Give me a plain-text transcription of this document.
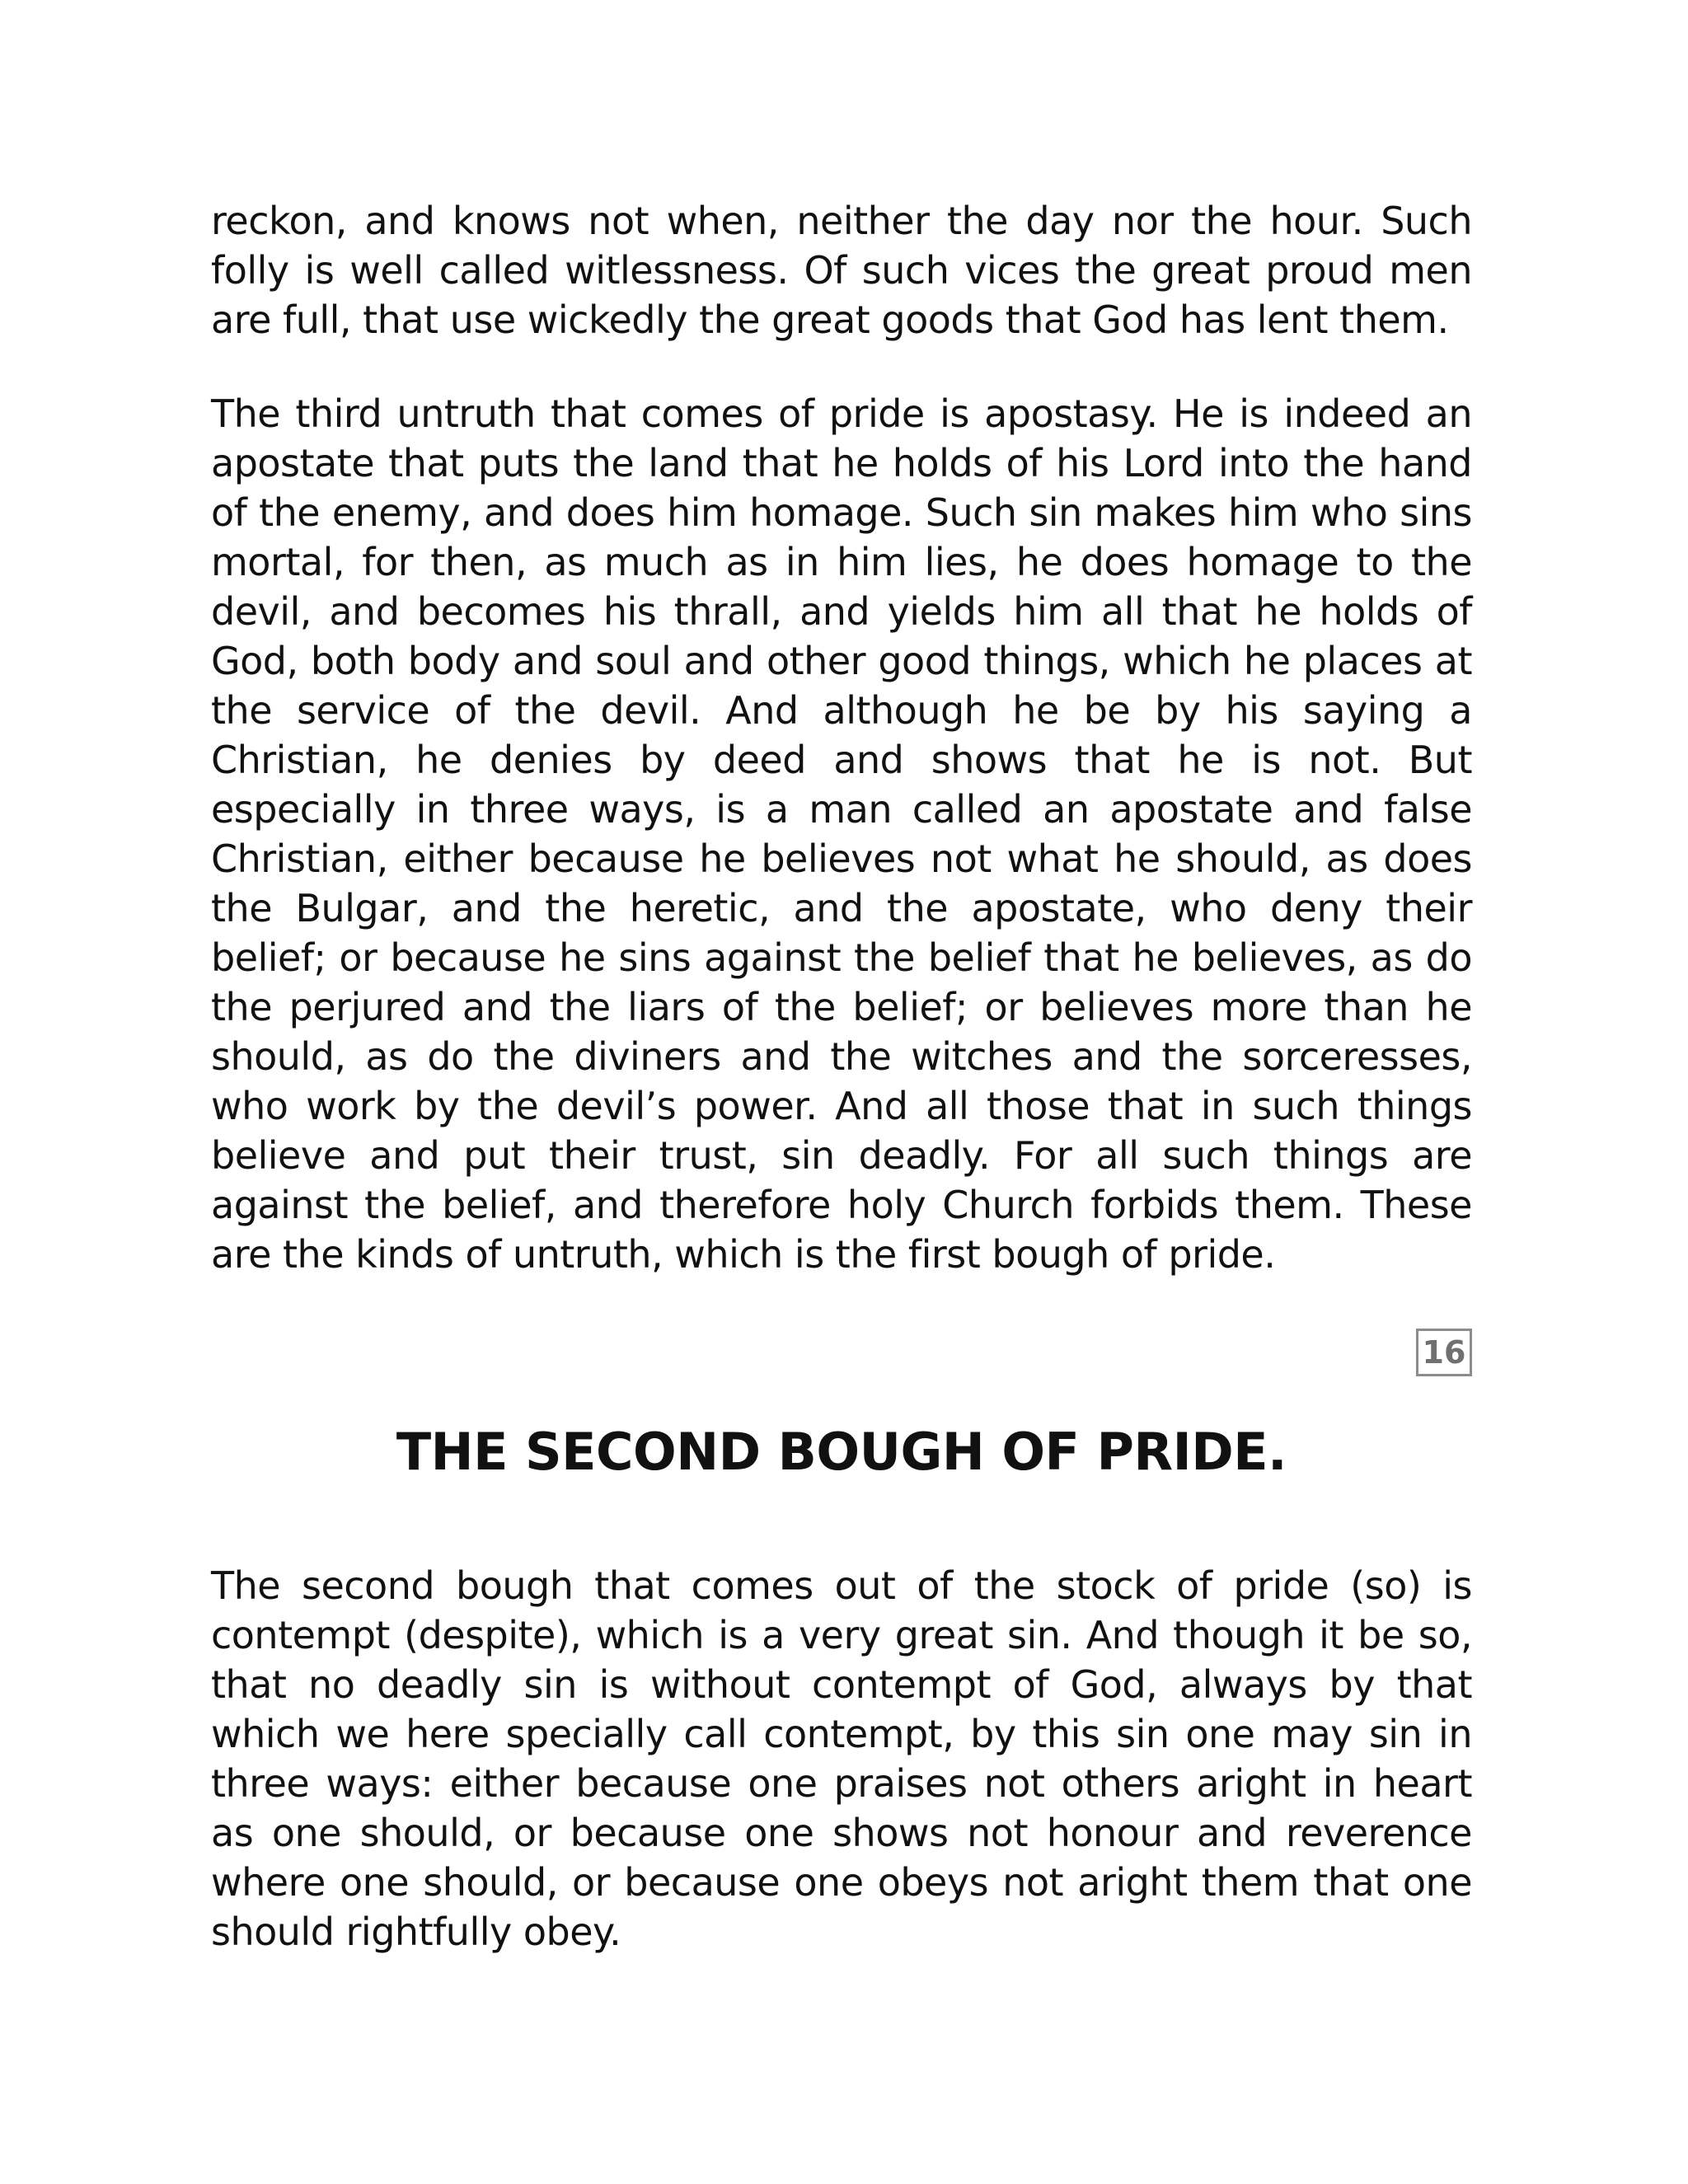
reckon, and knows not when, neither the day nor the hour. Such folly is well called witlessness. Of such vices the great proud men are full, that use wickedly the great goods that God has lent them.

The third untruth that comes of pride is apostasy. He is indeed an apostate that puts the land that he holds of his Lord into the hand of the enemy, and does him homage. Such sin makes him who sins mortal, for then, as much as in him lies, he does homage to the devil, and becomes his thrall, and yields him all that he holds of God, both body and soul and other good things, which he places at the service of the devil. And although he be by his saying a Christian, he denies by deed and shows that he is not. But especially in three ways, is a man called an apostate and false Christian, either because he believes not what he should, as does the Bulgar, and the heretic, and the apostate, who deny their belief; or because he sins against the belief that he believes, as do the perjured and the liars of the belief; or believes more than he should, as do the diviners and the witches and the sorceresses, who work by the devil’s power. And all those that in such things believe and put their trust, sin deadly. For all such things are against the belief, and therefore holy Church forbids them. These are the kinds of untruth, which is the first bough of pride.

16
THE SECOND BOUGH OF PRIDE.

The second bough that comes out of the stock of pride (so) is contempt (despite), which is a very great sin. And though it be so, that no deadly sin is without contempt of God, always by that which we here specially call contempt, by this sin one may sin in three ways: either because one praises not others aright in heart as one should, or because one shows not honour and reverence where one should, or because one obeys not aright them that one should rightfully obey.
